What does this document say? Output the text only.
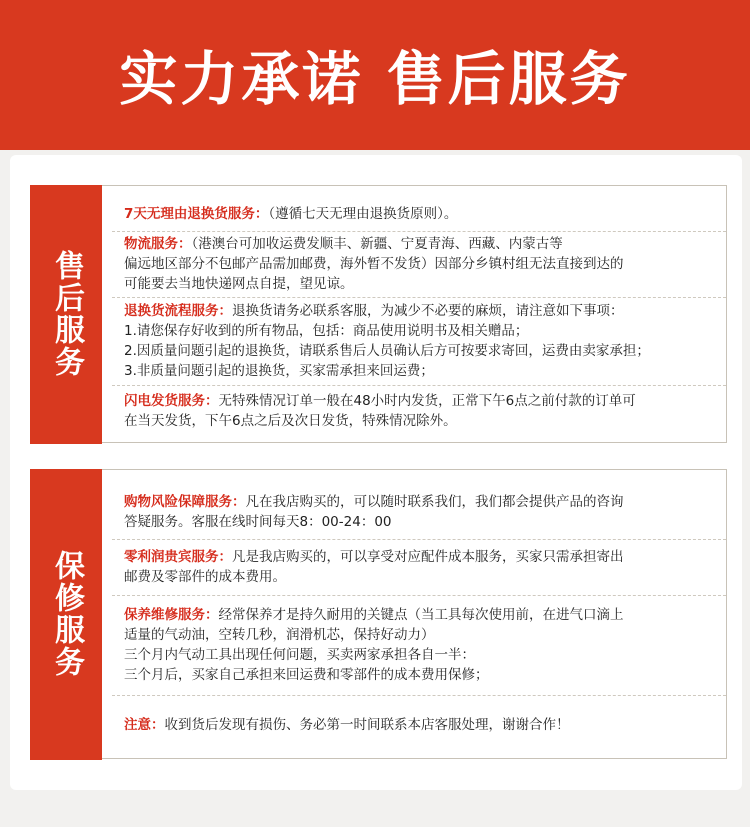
实力承诺 售后服务
售后服务
7天无理由退换货服务：（遵循七天无理由退换货原则）。
物流服务：（港澳台可加收运费发顺丰、新疆、宁夏青海、西藏、内蒙古等
偏远地区部分不包邮产品需加邮费，海外暂不发货）因部分乡镇村组无法直接到达的
可能要去当地快递网点自提，望见谅。
退换货流程服务：退换货请务必联系客服，为减少不必要的麻烦，请注意如下事项：
1.请您保存好收到的所有物品，包括：商品使用说明书及相关赠品；
2.因质量问题引起的退换货，请联系售后人员确认后方可按要求寄回，运费由卖家承担；
3.非质量问题引起的退换货，买家需承担来回运费；
闪电发货服务：无特殊情况订单一般在48小时内发货，正常下午6点之前付款的订单可
在当天发货，下午6点之后及次日发货，特殊情况除外。
保修服务
购物风险保障服务：凡在我店购买的，可以随时联系我们，我们都会提供产品的咨询
答疑服务。客服在线时间每天8：00-24：00
零利润贵宾服务：凡是我店购买的，可以享受对应配件成本服务，买家只需承担寄出
邮费及零部件的成本费用。
保养维修服务：经常保养才是持久耐用的关键点（当工具每次使用前，在进气口滴上
适量的气动油，空转几秒，润滑机芯，保持好动力）
三个月内气动工具出现任何问题，买卖两家承担各自一半：
三个月后，买家自己承担来回运费和零部件的成本费用保修；
注意：收到货后发现有损伤、务必第一时间联系本店客服处理，谢谢合作！
